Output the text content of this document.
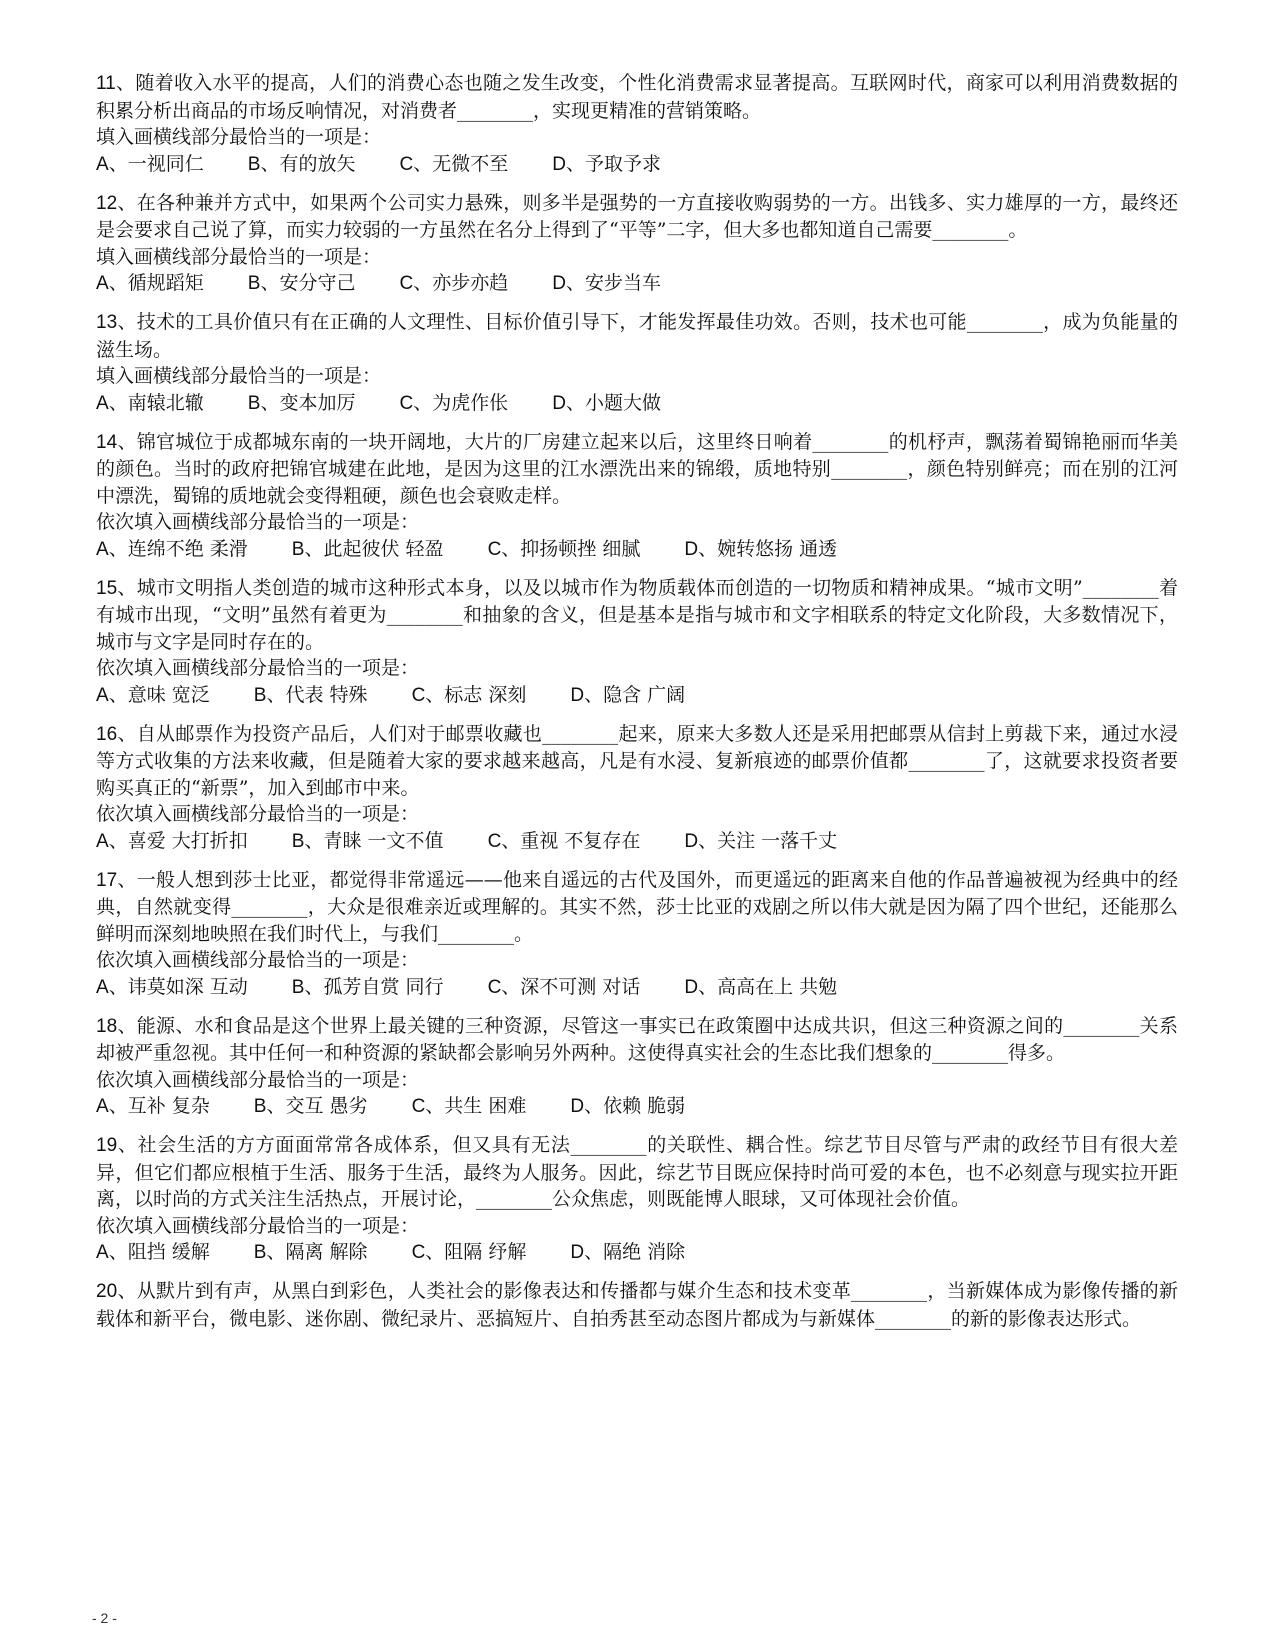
11、随着收入水平的提高，人们的消费心态也随之发生改变，个性化消费需求显著提高。互联网时代，商家可以利用消费数据的积累分析出商品的市场反响情况，对消费者________，实现更精准的营销策略。

填入画横线部分最恰当的一项是：

A、一视同仁 B、有的放矢 C、无微不至 D、予取予求

12、在各种兼并方式中，如果两个公司实力悬殊，则多半是强势的一方直接收购弱势的一方。出钱多、实力雄厚的一方，最终还是会要求自己说了算，而实力较弱的一方虽然在名分上得到了“平等”二字，但大多也都知道自己需要________。

填入画横线部分最恰当的一项是：

A、循规蹈矩 B、安分守己 C、亦步亦趋 D、安步当车

13、技术的工具价值只有在正确的人文理性、目标价值引导下，才能发挥最佳功效。否则，技术也可能________，成为负能量的滋生场。

填入画横线部分最恰当的一项是：

A、南辕北辙 B、变本加厉 C、为虎作伥 D、小题大做

14、锦官城位于成都城东南的一块开阔地，大片的厂房建立起来以后，这里终日响着________的机杼声，飘荡着蜀锦艳丽而华美的颜色。当时的政府把锦官城建在此地，是因为这里的江水漂洗出来的锦缎，质地特别________，颜色特别鲜亮；而在别的江河中漂洗，蜀锦的质地就会变得粗硬，颜色也会衰败走样。

依次填入画横线部分最恰当的一项是：

A、连绵不绝 柔滑 B、此起彼伏 轻盈 C、抑扬顿挫 细腻 D、婉转悠扬 通透

15、城市文明指人类创造的城市这种形式本身，以及以城市作为物质载体而创造的一切物质和精神成果。“城市文明”________着有城市出现，“文明”虽然有着更为________和抽象的含义，但是基本是指与城市和文字相联系的特定文化阶段，大多数情况下，城市与文字是同时存在的。

依次填入画横线部分最恰当的一项是：

A、意味 宽泛 B、代表 特殊 C、标志 深刻 D、隐含 广阔

16、自从邮票作为投资产品后，人们对于邮票收藏也________起来，原来大多数人还是采用把邮票从信封上剪裁下来，通过水浸等方式收集的方法来收藏，但是随着大家的要求越来越高，凡是有水浸、复新痕迹的邮票价值都________了，这就要求投资者要购买真正的“新票”，加入到邮市中来。

依次填入画横线部分最恰当的一项是：

A、喜爱 大打折扣 B、青睐 一文不值 C、重视 不复存在 D、关注 一落千丈

17、一般人想到莎士比亚，都觉得非常遥远——他来自遥远的古代及国外，而更遥远的距离来自他的作品普遍被视为经典中的经典，自然就变得________，大众是很难亲近或理解的。其实不然，莎士比亚的戏剧之所以伟大就是因为隔了四个世纪，还能那么鲜明而深刻地映照在我们时代上，与我们________。

依次填入画横线部分最恰当的一项是：

A、讳莫如深 互动 B、孤芳自赏 同行 C、深不可测 对话 D、高高在上 共勉

18、能源、水和食品是这个世界上最关键的三种资源，尽管这一事实已在政策圈中达成共识，但这三种资源之间的________关系却被严重忽视。其中任何一和种资源的紧缺都会影响另外两种。这使得真实社会的生态比我们想象的________得多。

依次填入画横线部分最恰当的一项是：

A、互补 复杂 B、交互 愚劣 C、共生 困难 D、依赖 脆弱

19、社会生活的方方面面常常各成体系，但又具有无法________的关联性、耦合性。综艺节目尽管与严肃的政经节目有很大差异，但它们都应根植于生活、服务于生活，最终为人服务。因此，综艺节目既应保持时尚可爱的本色，也不必刻意与现实拉开距离，以时尚的方式关注生活热点，开展讨论，________公众焦虑，则既能博人眼球，又可体现社会价值。

依次填入画横线部分最恰当的一项是：

A、阻挡 缓解 B、隔离 解除 C、阻隔 纾解 D、隔绝 消除

20、从默片到有声，从黑白到彩色，人类社会的影像表达和传播都与媒介生态和技术变革________，当新媒体成为影像传播的新载体和新平台，微电影、迷你剧、微纪录片、恶搞短片、自拍秀甚至动态图片都成为与新媒体________的新的影像表达形式。

- 2 -
